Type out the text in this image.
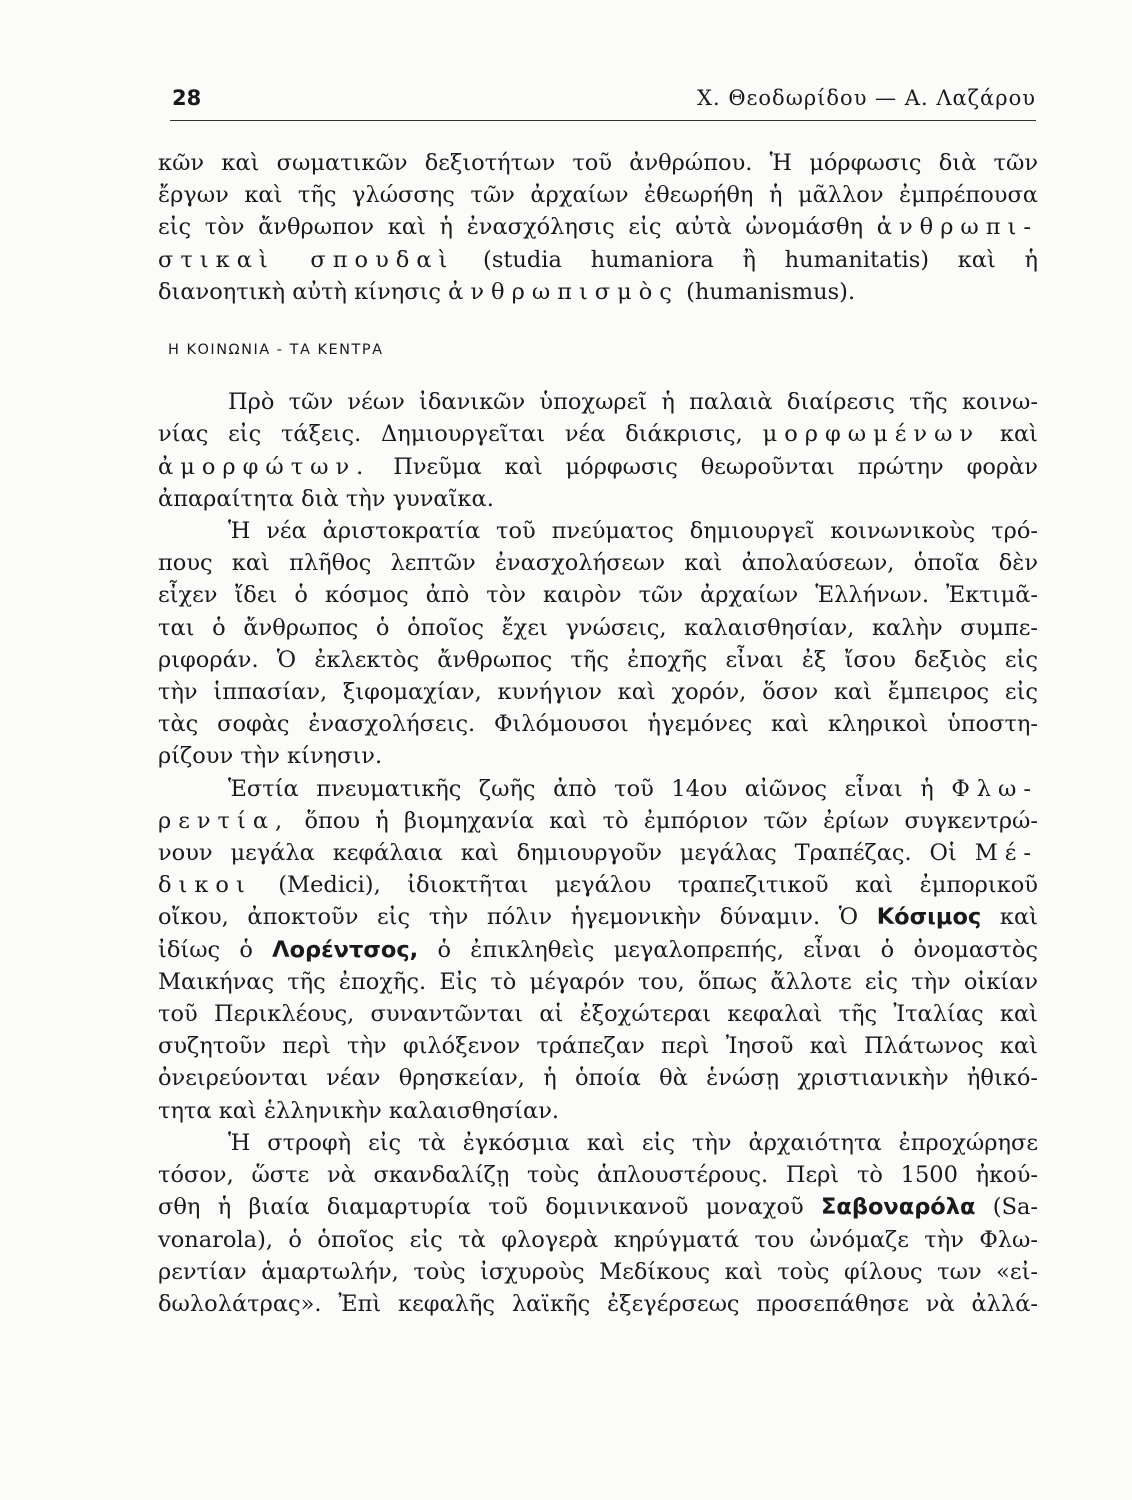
28	Χ. Θεοδωρίδου — Α. Λαζάρου
κῶν καὶ σωματικῶν δεξιοτήτων τοῦ ἀνθρώπου. Ἡ μόρφωσις διὰ τῶν
ἔργων καὶ τῆς γλώσσης τῶν ἀρχαίων ἐθεωρήθη ἡ μᾶλλον ἐμπρέπουσα
εἰς τὸν ἄνθρωπον καὶ ἡ ἐνασχόλησις εἰς αὐτὰ ὠνομάσθη ἀνθρωπι-
στικαὶ σπουδαὶ (studia humaniora ἢ humanitatis) καὶ ἡ
διανοητικὴ αὐτὴ κίνησις ἀνθρωπισμὸς (humanismus).
Η ΚΟΙΝΩΝΙΑ - ΤΑ ΚΕΝΤΡΑ
Πρὸ τῶν νέων ἰδανικῶν ὑποχωρεῖ ἡ παλαιὰ διαίρεσις τῆς κοινω-
νίας εἰς τάξεις. Δημιουργεῖται νέα διάκρισις, μορφωμένων καὶ
ἀμορφώτων. Πνεῦμα καὶ μόρφωσις θεωροῦνται πρώτην φορὰν
ἀπαραίτητα διὰ τὴν γυναῖκα.
Ἡ νέα ἀριστοκρατία τοῦ πνεύματος δημιουργεῖ κοινωνικοὺς τρό-
πους καὶ πλῆθος λεπτῶν ἐνασχολήσεων καὶ ἀπολαύσεων, ὁποῖα δὲν
εἶχεν ἴδει ὁ κόσμος ἀπὸ τὸν καιρὸν τῶν ἀρχαίων Ἑλλήνων. Ἐκτιμᾶ-
ται ὁ ἄνθρωπος ὁ ὁποῖος ἔχει γνώσεις, καλαισθησίαν, καλὴν συμπε-
ριφοράν. Ὁ ἐκλεκτὸς ἄνθρωπος τῆς ἐποχῆς εἶναι ἐξ ἴσου δεξιὸς εἰς
τὴν ἱππασίαν, ξιφομαχίαν, κυνήγιον καὶ χορόν, ὅσον καὶ ἔμπειρος εἰς
τὰς σοφὰς ἐνασχολήσεις. Φιλόμουσοι ἡγεμόνες καὶ κληρικοὶ ὑποστη-
ρίζουν τὴν κίνησιν.
Ἑστία πνευματικῆς ζωῆς ἀπὸ τοῦ 14ου αἰῶνος εἶναι ἡ Φλω-
ρεντία, ὅπου ἡ βιομηχανία καὶ τὸ ἐμπόριον τῶν ἐρίων συγκεντρώ-
νουν μεγάλα κεφάλαια καὶ δημιουργοῦν μεγάλας Τραπέζας. Οἱ Μέ-
δικοι (Medici), ἰδιοκτῆται μεγάλου τραπεζιτικοῦ καὶ ἐμπορικοῦ
οἴκου, ἀποκτοῦν εἰς τὴν πόλιν ἡγεμονικὴν δύναμιν. Ὁ Κόσιμος καὶ
ἰδίως ὁ Λορέντσος, ὁ ἐπικληθεὶς μεγαλοπρεπής, εἶναι ὁ ὀνομαστὸς
Μαικήνας τῆς ἐποχῆς. Εἰς τὸ μέγαρόν του, ὅπως ἄλλοτε εἰς τὴν οἰκίαν
τοῦ Περικλέους, συναντῶνται αἱ ἐξοχώτεραι κεφαλαὶ τῆς Ἰταλίας καὶ
συζητοῦν περὶ τὴν φιλόξενον τράπεζαν περὶ Ἰησοῦ καὶ Πλάτωνος καὶ
ὀνειρεύονται νέαν θρησκείαν, ἡ ὁποία θὰ ἑνώσῃ χριστιανικὴν ἠθικό-
τητα καὶ ἑλληνικὴν καλαισθησίαν.
Ἡ στροφὴ εἰς τὰ ἐγκόσμια καὶ εἰς τὴν ἀρχαιότητα ἐπροχώρησε
τόσον, ὥστε νὰ σκανδαλίζῃ τοὺς ἁπλουστέρους. Περὶ τὸ 1500 ἠκού-
σθη ἡ βιαία διαμαρτυρία τοῦ δομινικανοῦ μοναχοῦ Σαβοναρόλα (Sa-
vonarola), ὁ ὁποῖος εἰς τὰ φλογερὰ κηρύγματά του ὠνόμαζε τὴν Φλω-
ρεντίαν ἁμαρτωλήν, τοὺς ἰσχυροὺς Μεδίκους καὶ τοὺς φίλους των «εἰ-
δωλολάτρας». Ἐπὶ κεφαλῆς λαϊκῆς ἐξεγέρσεως προσεπάθησε νὰ ἀλλά-
